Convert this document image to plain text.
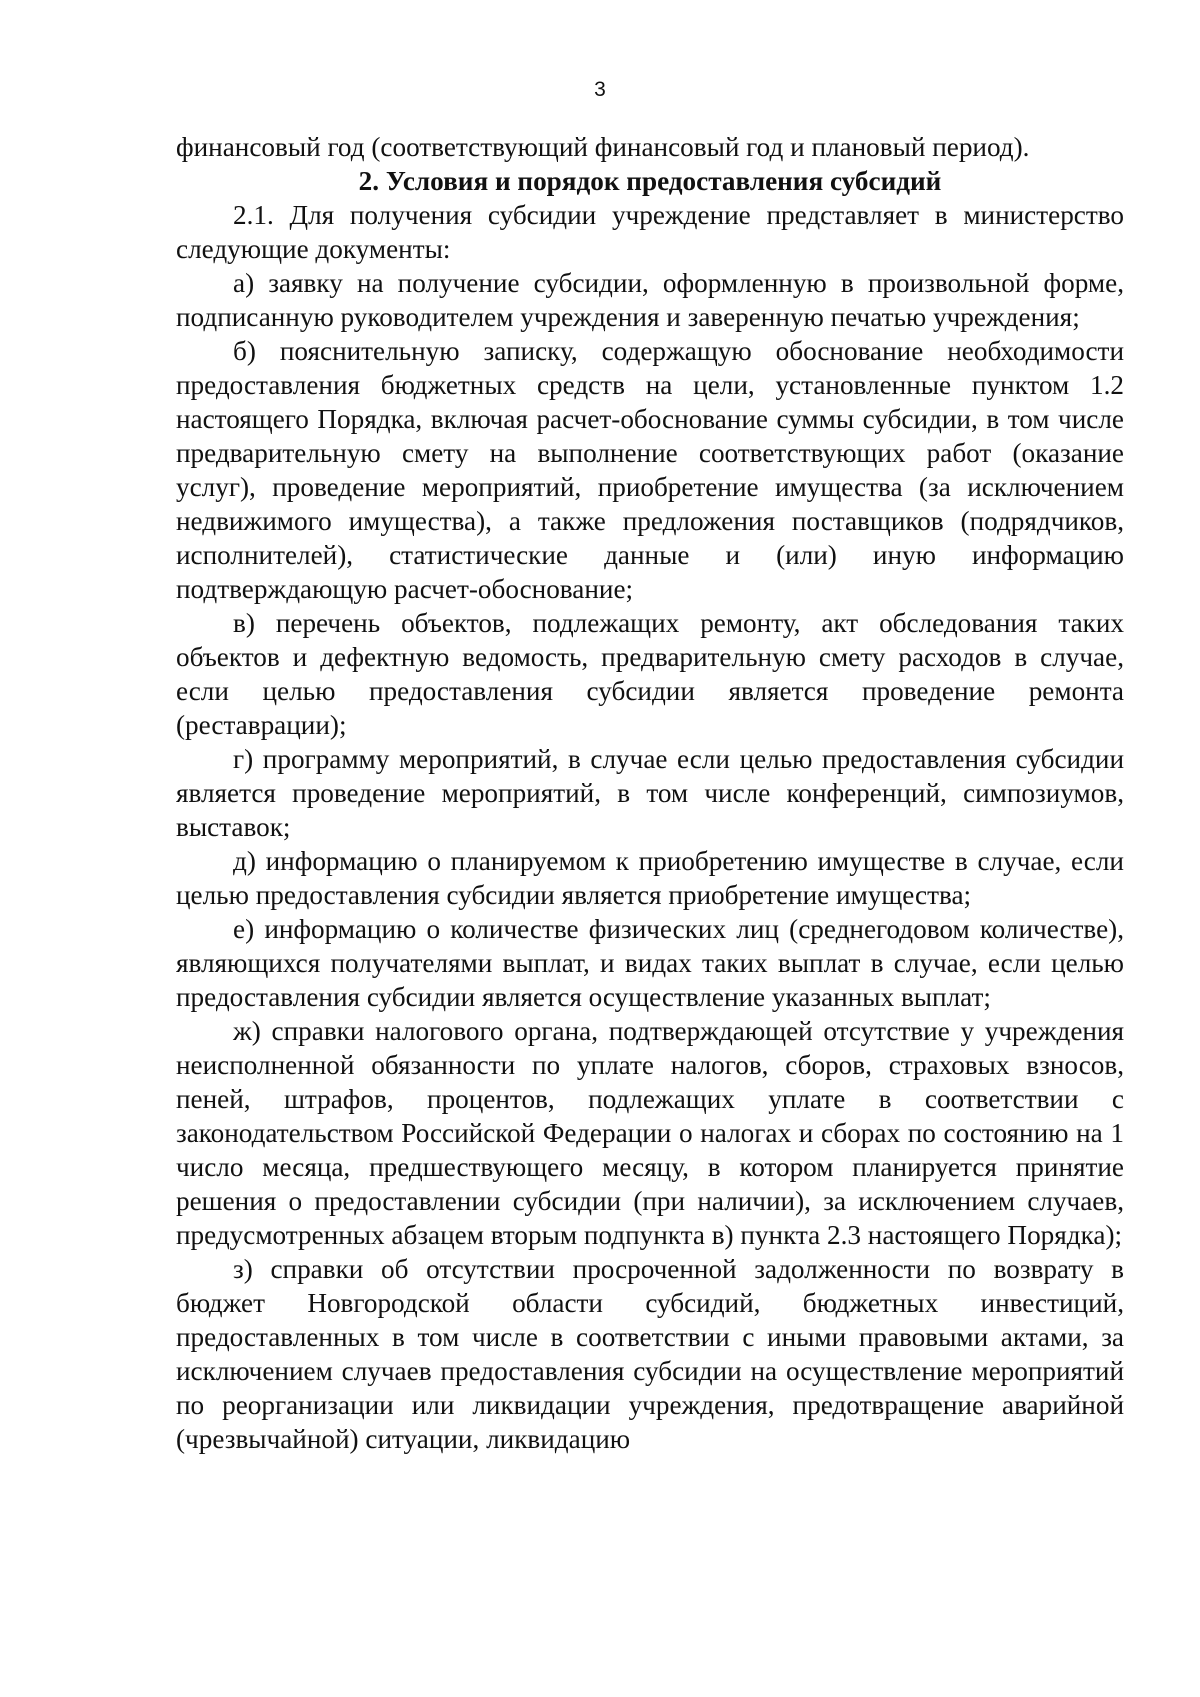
3

финансовый год (соответствующий финансовый год и плановый период).

2. Условия и порядок предоставления субсидий

2.1. Для получения субсидии учреждение представляет в министерство следующие документы:

а) заявку на получение субсидии, оформленную в произвольной форме, подписанную руководителем учреждения и заверенную печатью учреждения;

б) пояснительную записку, содержащую обоснование необходимости предоставления бюджетных средств на цели, установленные пунктом 1.2 настоящего Порядка, включая расчет-обоснование суммы субсидии, в том числе предварительную смету на выполнение соответствующих работ (оказание услуг), проведение мероприятий, приобретение имущества (за исключением недвижимого имущества), а также предложения поставщиков (подрядчиков, исполнителей), статистические данные и (или) иную информацию подтверждающую расчет-обоснование;

в) перечень объектов, подлежащих ремонту, акт обследования таких объектов и дефектную ведомость, предварительную смету расходов в случае, если целью предоставления субсидии является проведение ремонта (реставрации);

г) программу мероприятий, в случае если целью предоставления субсидии является проведение мероприятий, в том числе конференций, симпозиумов, выставок;

д) информацию о планируемом к приобретению имуществе в случае, если целью предоставления субсидии является приобретение имущества;

е) информацию о количестве физических лиц (среднегодовом количестве), являющихся получателями выплат, и видах таких выплат в случае, если целью предоставления субсидии является осуществление указанных выплат;

ж) справки налогового органа, подтверждающей отсутствие у учреждения неисполненной обязанности по уплате налогов, сборов, страховых взносов, пеней, штрафов, процентов, подлежащих уплате в соответствии с законодательством Российской Федерации о налогах и сборах по состоянию на 1 число месяца, предшествующего месяцу, в котором планируется принятие решения о предоставлении субсидии (при наличии), за исключением случаев, предусмотренных абзацем вторым подпункта в) пункта 2.3 настоящего Порядка);

з) справки об отсутствии просроченной задолженности по возврату в бюджет Новгородской области субсидий, бюджетных инвестиций, предоставленных в том числе в соответствии с иными правовыми актами, за исключением случаев предоставления субсидии на осуществление мероприятий по реорганизации или ликвидации учреждения, предотвращение аварийной (чрезвычайной) ситуации, ликвидацию
